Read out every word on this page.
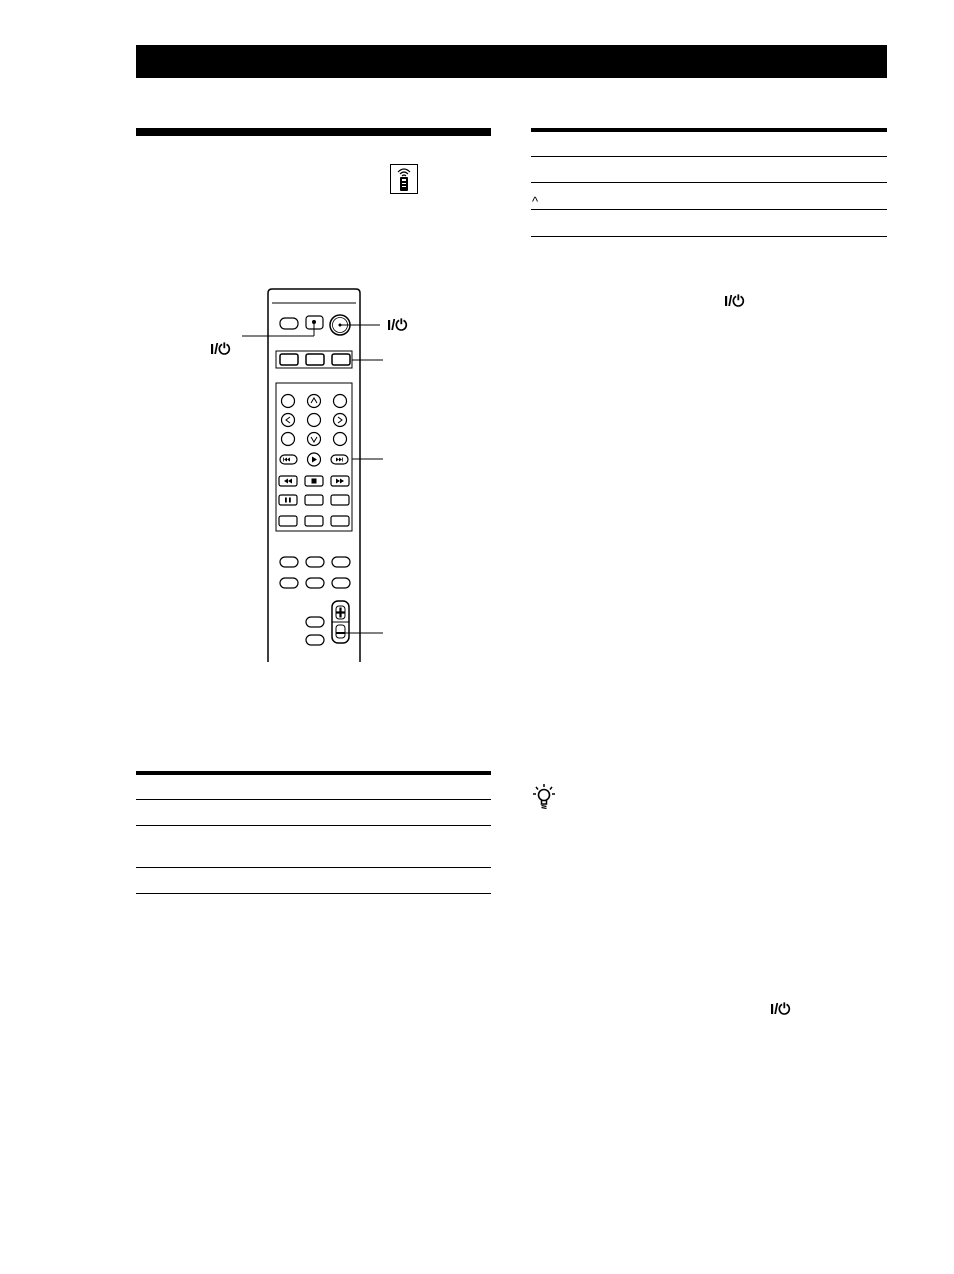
I/⏻
I/⏻
^
I/⏻
I/⏻
